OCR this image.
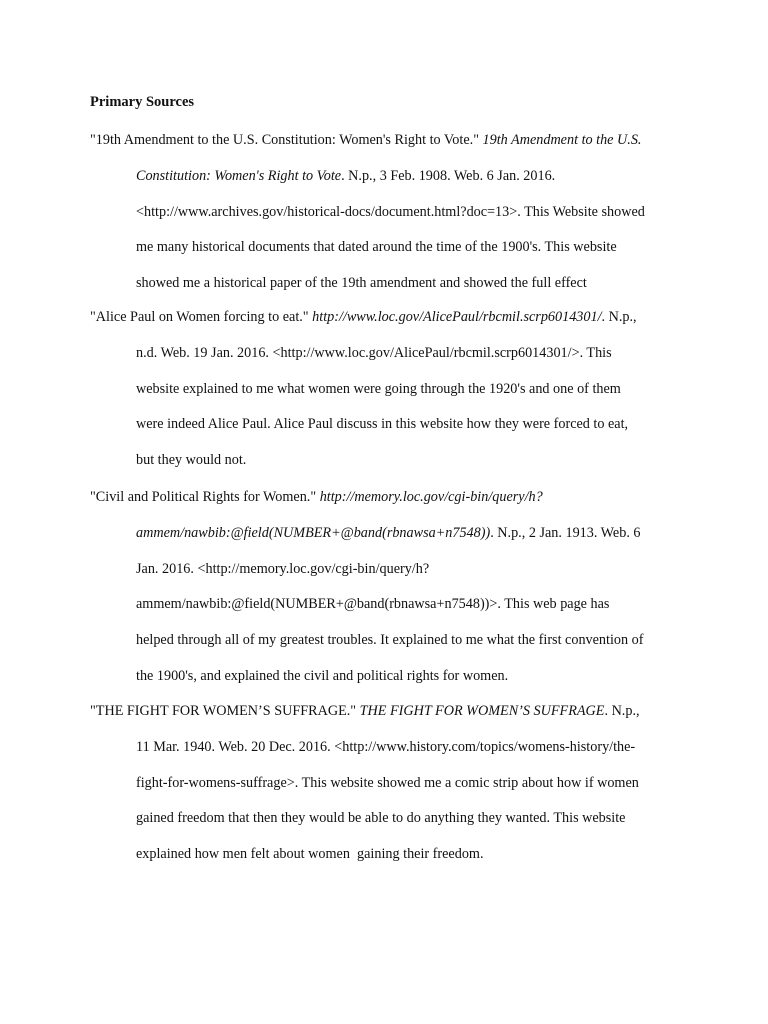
Primary Sources

"19th Amendment to the U.S. Constitution: Women's Right to Vote." 19th Amendment to the U.S.
Constitution: Women's Right to Vote. N.p., 3 Feb. 1908. Web. 6 Jan. 2016.
<http://www.archives.gov/historical-docs/document.html?doc=13>. This Website showed
me many historical documents that dated around the time of the 1900's. This website
showed me a historical paper of the 19th amendment and showed the full effect

"Alice Paul on Women forcing to eat." http://www.loc.gov/AlicePaul/rbcmil.scrp6014301/. N.p.,
n.d. Web. 19 Jan. 2016. <http://www.loc.gov/AlicePaul/rbcmil.scrp6014301/>. This
website explained to me what women were going through the 1920's and one of them
were indeed Alice Paul. Alice Paul discuss in this website how they were forced to eat,
but they would not.

"Civil and Political Rights for Women." http://memory.loc.gov/cgi-bin/query/h?
ammem/nawbib:@field(NUMBER+@band(rbnawsa+n7548)). N.p., 2 Jan. 1913. Web. 6
Jan. 2016. <http://memory.loc.gov/cgi-bin/query/h?
ammem/nawbib:@field(NUMBER+@band(rbnawsa+n7548))>. This web page has
helped through all of my greatest troubles. It explained to me what the first convention of
the 1900's, and explained the civil and political rights for women.

"THE FIGHT FOR WOMEN’S SUFFRAGE." THE FIGHT FOR WOMEN’S SUFFRAGE. N.p.,
11 Mar. 1940. Web. 20 Dec. 2016. <http://www.history.com/topics/womens-history/the-
fight-for-womens-suffrage>. This website showed me a comic strip about how if women
gained freedom that then they would be able to do anything they wanted. This website
explained how men felt about women  gaining their freedom.
